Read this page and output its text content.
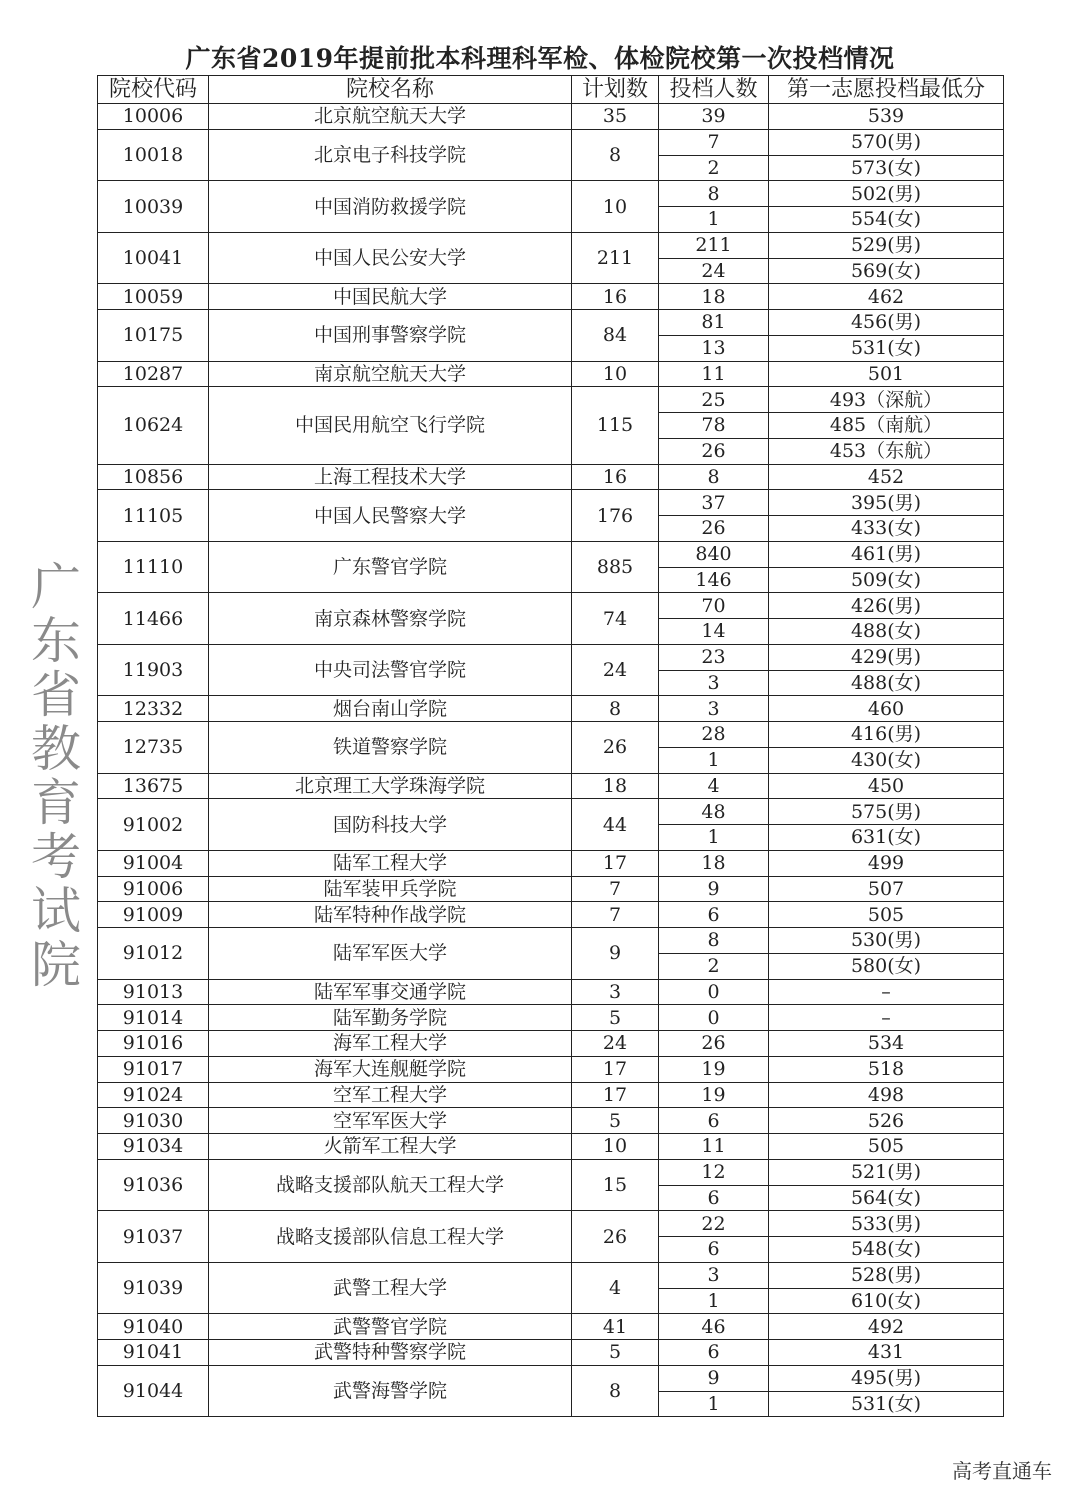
广东省2019年提前批本科理科军检、体检院校第一次投档情况
院校代码	院校名称	计划数	投档人数	第一志愿投档最低分
10006	北京航空航天大学	35	39	539
10018	北京电子科技学院	8	7	570(男)
			2	573(女)
10039	中国消防救援学院	10	8	502(男)
			1	554(女)
10041	中国人民公安大学	211	211	529(男)
			24	569(女)
10059	中国民航大学	16	18	462
10175	中国刑事警察学院	84	81	456(男)
			13	531(女)
10287	南京航空航天大学	10	11	501
10624	中国民用航空飞行学院	115	25	493（深航）
			78	485（南航）
			26	453（东航）
10856	上海工程技术大学	16	8	452
11105	中国人民警察大学	176	37	395(男)
			26	433(女)
11110	广东警官学院	885	840	461(男)
			146	509(女)
11466	南京森林警察学院	74	70	426(男)
			14	488(女)
11903	中央司法警官学院	24	23	429(男)
			3	488(女)
12332	烟台南山学院	8	3	460
12735	铁道警察学院	26	28	416(男)
			1	430(女)
13675	北京理工大学珠海学院	18	4	450
91002	国防科技大学	44	48	575(男)
			1	631(女)
91004	陆军工程大学	17	18	499
91006	陆军装甲兵学院	7	9	507
91009	陆军特种作战学院	7	6	505
91012	陆军军医大学	9	8	530(男)
			2	580(女)
91013	陆军军事交通学院	3	0	–
91014	陆军勤务学院	5	0	–
91016	海军工程大学	24	26	534
91017	海军大连舰艇学院	17	19	518
91024	空军工程大学	17	19	498
91030	空军军医大学	5	6	526
91034	火箭军工程大学	10	11	505
91036	战略支援部队航天工程大学	15	12	521(男)
			6	564(女)
91037	战略支援部队信息工程大学	26	22	533(男)
			6	548(女)
91039	武警工程大学	4	3	528(男)
			1	610(女)
91040	武警警官学院	41	46	492
91041	武警特种警察学院	5	6	431
91044	武警海警学院	8	9	495(男)
			1	531(女)
广东省教育考试院
高考直通车
